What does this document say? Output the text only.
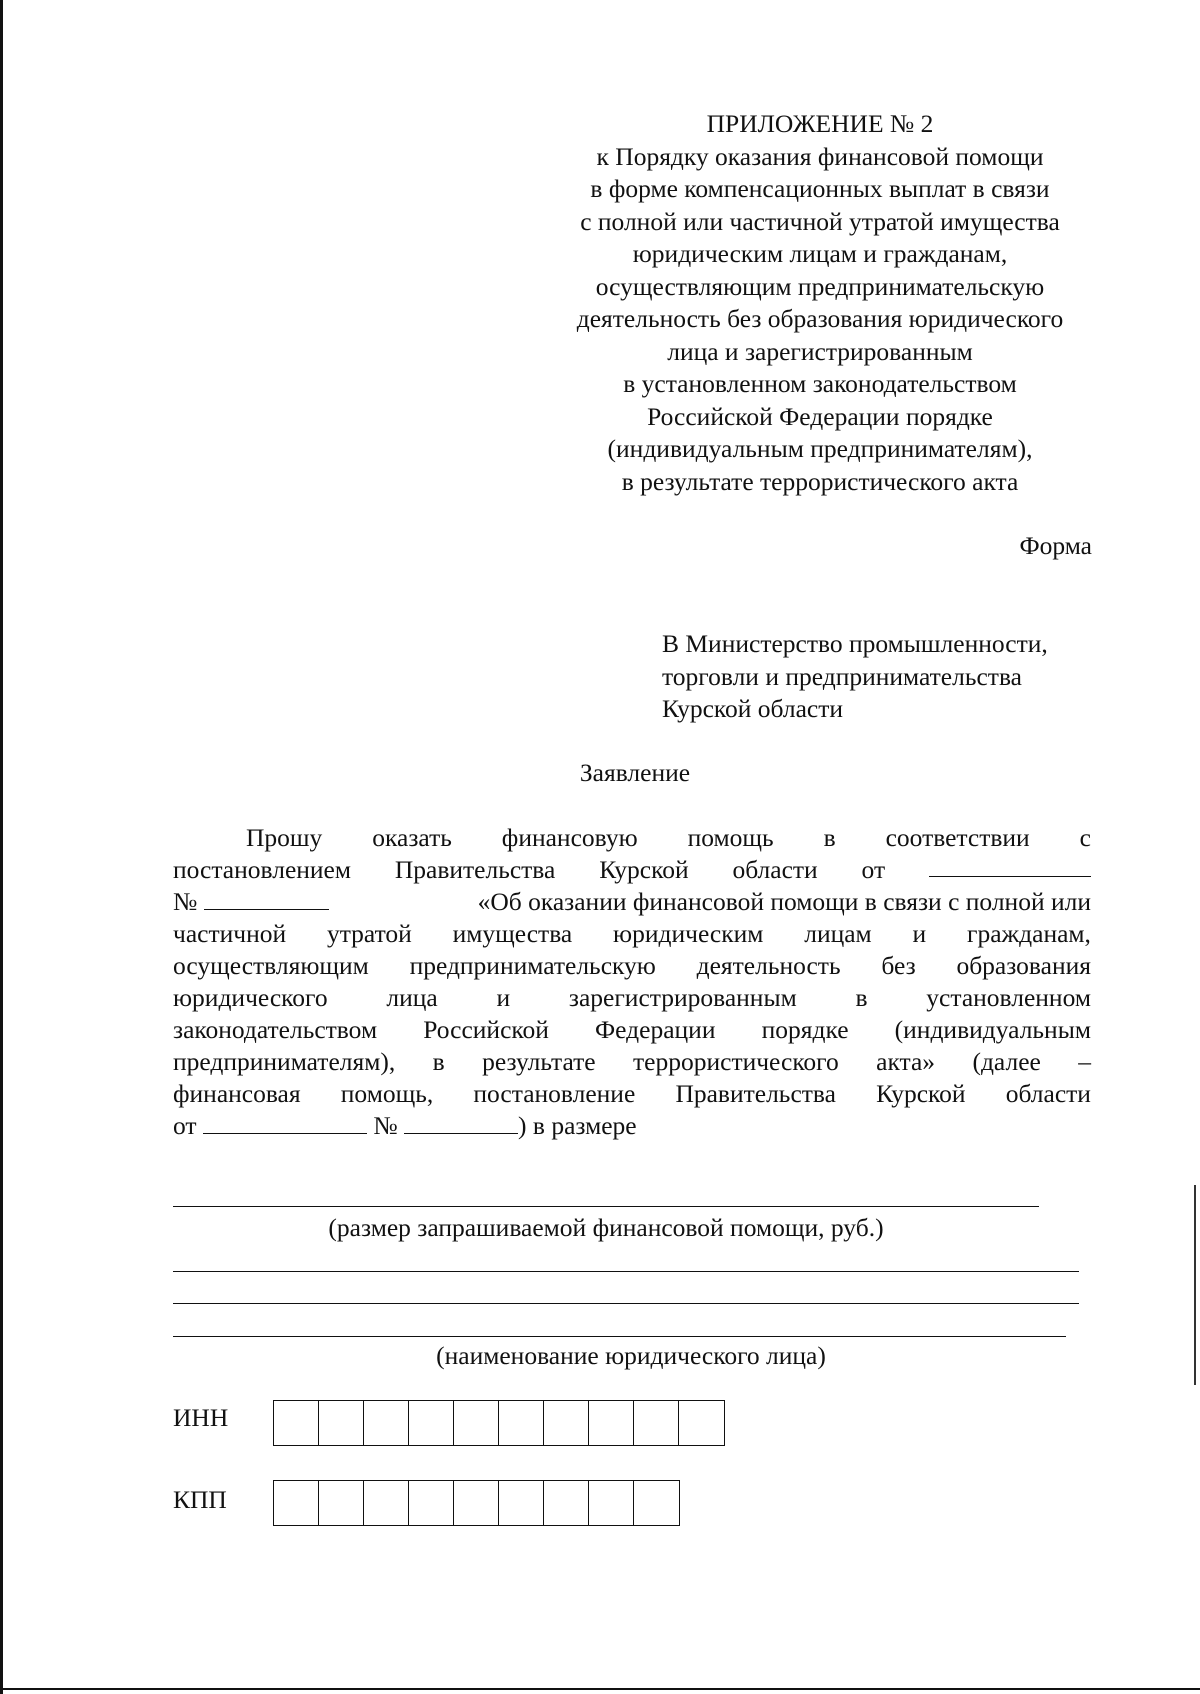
ПРИЛОЖЕНИЕ № 2
к Порядку оказания финансовой помощи
в форме компенсационных выплат в связи
с полной или частичной утратой имущества
юридическим лицам и гражданам,
осуществляющим предпринимательскую
деятельность без образования юридического
лица и зарегистрированным
в установленном законодательством
Российской Федерации порядке
(индивидуальным предпринимателям),
в результате террористического акта
Форма
В Министерство промышленности,
торговли и предпринимательства
Курской области
Заявление
Прошу оказать финансовую помощь в соответствии с
постановлением Правительства Курской области от
№	«Об оказании финансовой помощи в связи с полной или
частичной утратой имущества юридическим лицам и гражданам,
осуществляющим предпринимательскую деятельность без образования
юридического лица и зарегистрированным в установленном
законодательством Российской Федерации порядке (индивидуальным
предпринимателям), в результате террористического акта» (далее –
финансовая помощь, постановление Правительства Курской области
от	№	) в размере
(размер запрашиваемой финансовой помощи, руб.)
(наименование юридического лица)
ИНН
КПП
